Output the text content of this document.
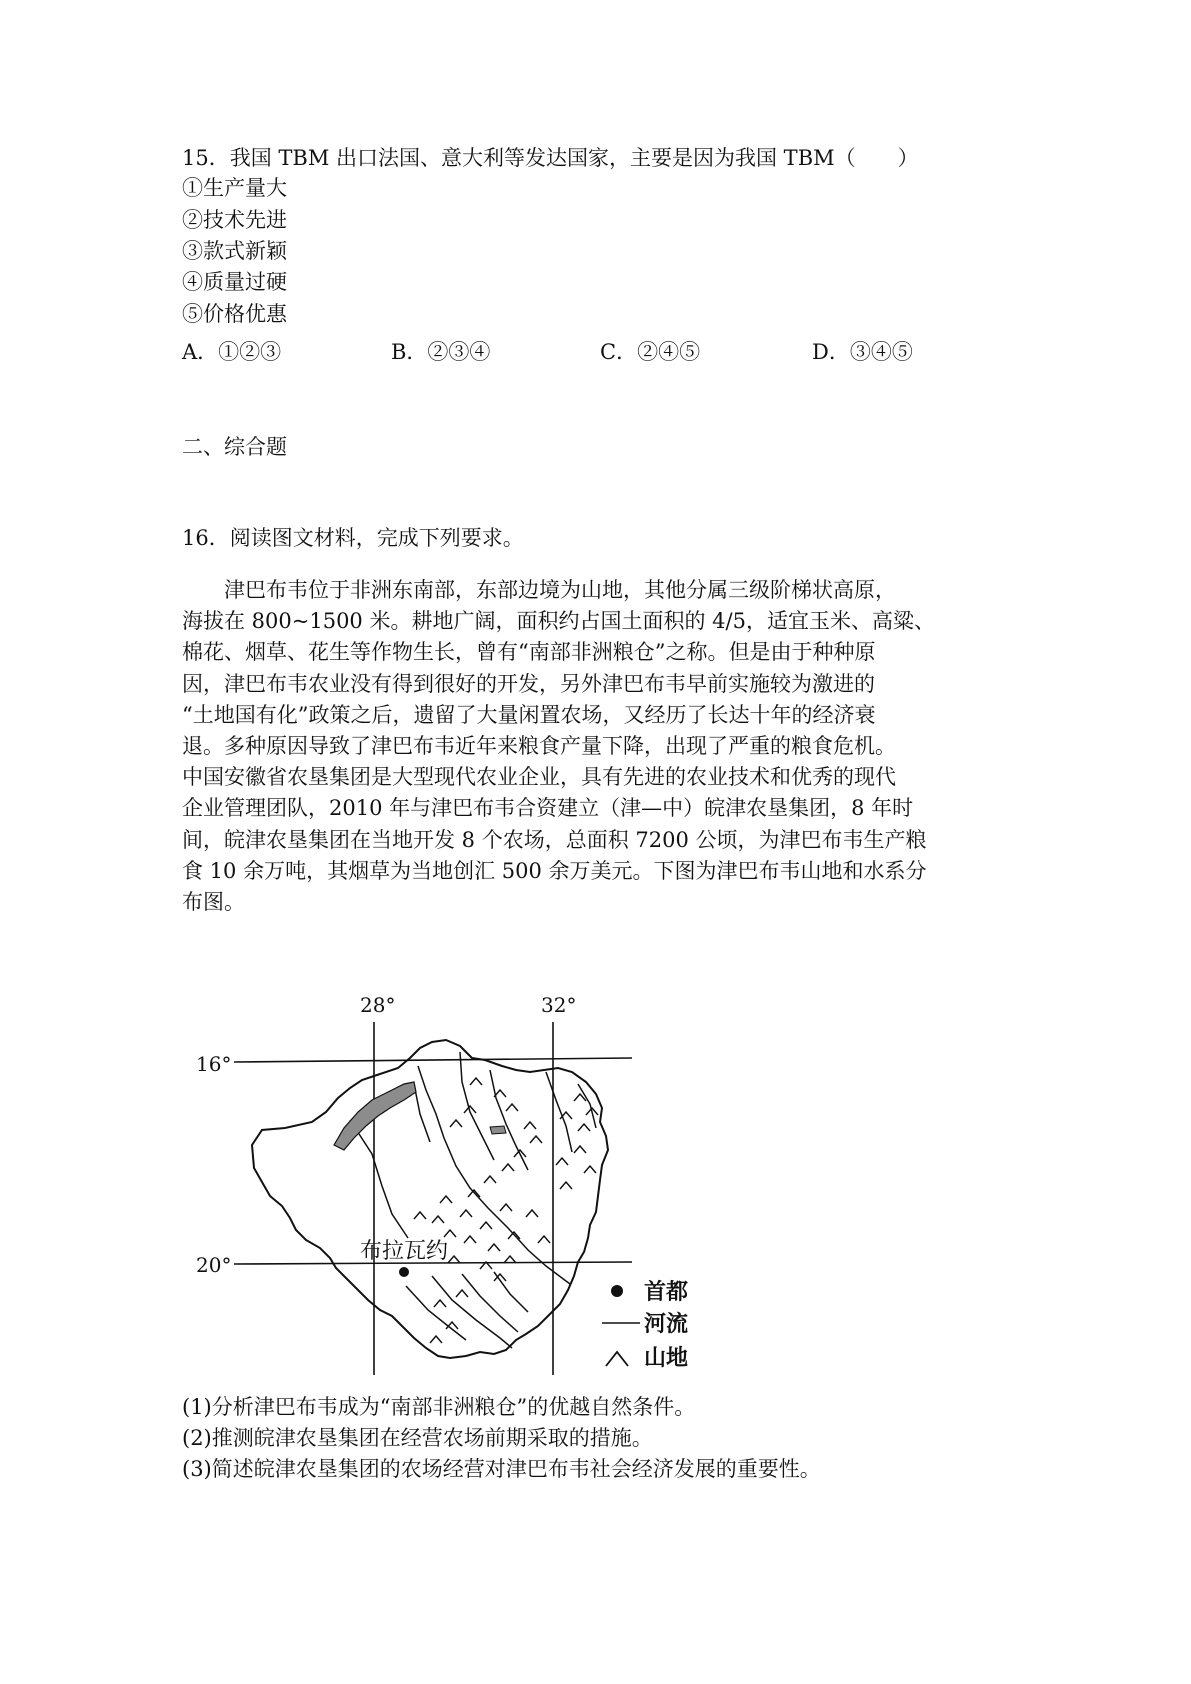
15．我国 TBM 出口法国、意大利等发达国家，主要是因为我国 TBM（　　）
①生产量大
②技术先进
③款式新颖
④质量过硬
⑤价格优惠
A．①②③	B．②③④	C．②④⑤	D．③④⑤
二、综合题
16．阅读图文材料，完成下列要求。
津巴布韦位于非洲东南部，东部边境为山地，其他分属三级阶梯状高原，
海拔在 800~1500 米。耕地广阔，面积约占国土面积的 4/5，适宜玉米、高粱、
棉花、烟草、花生等作物生长，曾有“南部非洲粮仓”之称。但是由于种种原
因，津巴布韦农业没有得到很好的开发，另外津巴布韦早前实施较为激进的
“土地国有化”政策之后，遗留了大量闲置农场，又经历了长达十年的经济衰
退。多种原因导致了津巴布韦近年来粮食产量下降，出现了严重的粮食危机。
中国安徽省农垦集团是大型现代农业企业，具有先进的农业技术和优秀的现代
企业管理团队，2010 年与津巴布韦合资建立（津—中）皖津农垦集团，8 年时
间，皖津农垦集团在当地开发 8 个农场，总面积 7200 公顷，为津巴布韦生产粮
食 10 余万吨，其烟草为当地创汇 500 余万美元。下图为津巴布韦山地和水系分
布图。
布拉瓦约
28°	32°
16°
20°
首都
河流
山地
(1)分析津巴布韦成为“南部非洲粮仓”的优越自然条件。
(2)推测皖津农垦集团在经营农场前期采取的措施。
(3)简述皖津农垦集团的农场经营对津巴布韦社会经济发展的重要性。
